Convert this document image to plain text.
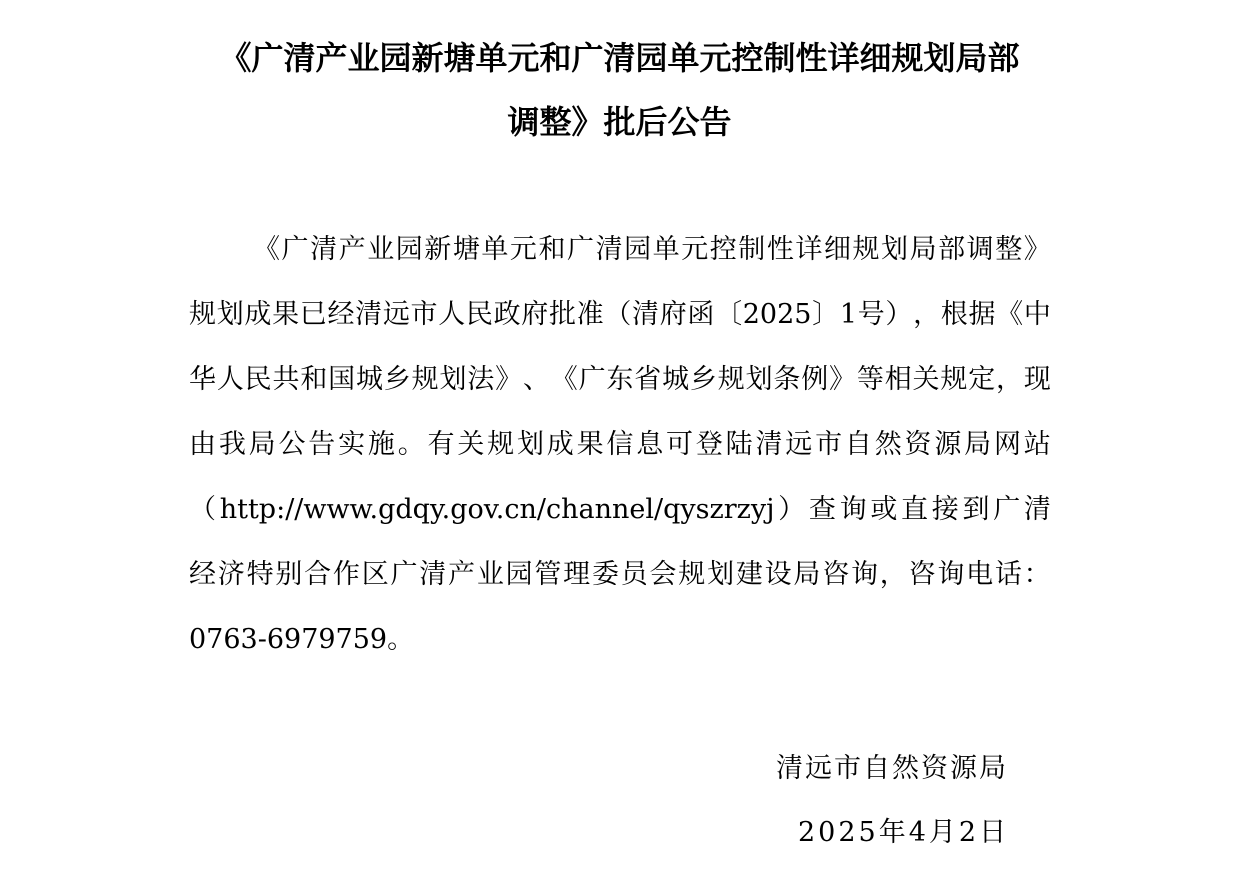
《广清产业园新塘单元和广清园单元控制性详细规划局部
调整》批后公告
《 广 清 产 业 园 新 塘 单 元 和 广 清 园 单 元 控 制 性 详 细 规 划 局 部 调 整 》
规 划 成 果 已 经 清 远 市 人 民 政 府 批 准 （ 清 府 函 〔 2025 〕 1 号 ） ， 根 据 《 中
华 人 民 共 和 国 城 乡 规 划 法 》 、 《 广 东 省 城 乡 规 划 条 例 》 等 相 关 规 定 ， 现
由 我 局 公 告 实 施 。 有 关 规 划 成 果 信 息 可 登 陆 清 远 市 自 然 资 源 局 网 站
（ http://www.gdqy.gov.cn/channel/qyszrzyj ） 查 询 或 直 接 到 广 清
经 济 特 别 合 作 区 广 清 产 业 园 管 理 委 员 会 规 划 建 设 局 咨 询 ， 咨 询 电 话 ：
0763-6979759。
清远市自然资源局
2025年4月2日
